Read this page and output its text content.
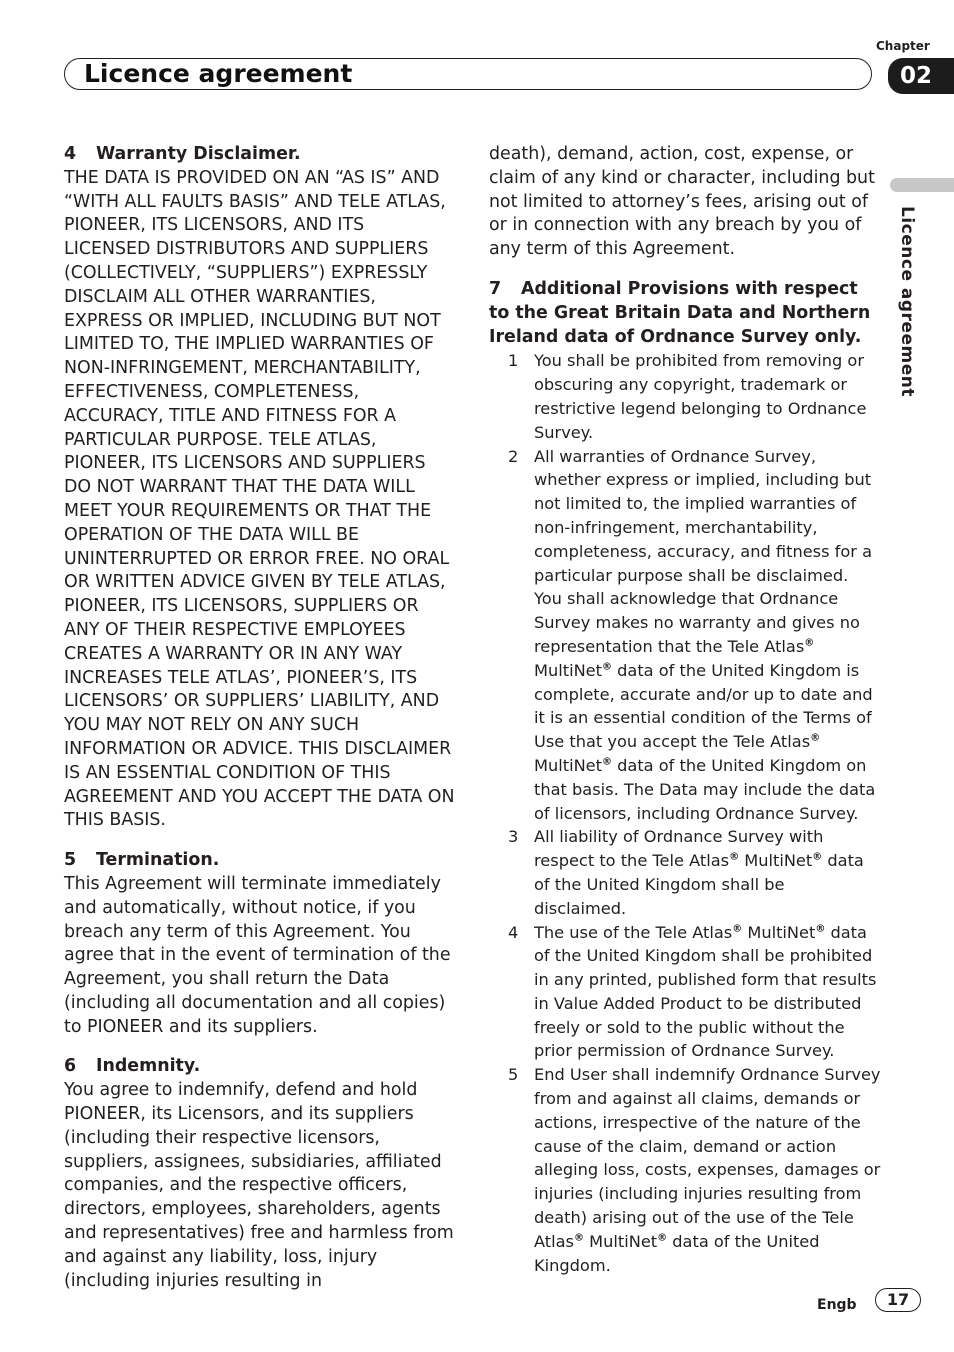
Licence agreement
Chapter
02
Licence agreement
4 Warranty Disclaimer.

THE DATA IS PROVIDED ON AN “AS IS” AND “WITH ALL FAULTS BASIS” AND TELE ATLAS, PIONEER, ITS LICENSORS, AND ITS LICENSED DISTRIBUTORS AND SUPPLIERS (COLLECTIVELY, “SUPPLIERS”) EXPRESSLY DISCLAIM ALL OTHER WARRANTIES, EXPRESS OR IMPLIED, INCLUDING BUT NOT LIMITED TO, THE IMPLIED WARRANTIES OF NON-INFRINGEMENT, MERCHANTABILITY, EFFECTIVENESS, COMPLETENESS, ACCURACY, TITLE AND FITNESS FOR A PARTICULAR PURPOSE. TELE ATLAS, PIONEER, ITS LICENSORS AND SUPPLIERS DO NOT WARRANT THAT THE DATA WILL MEET YOUR REQUIREMENTS OR THAT THE OPERATION OF THE DATA WILL BE UNINTERRUPTED OR ERROR FREE. NO ORAL OR WRITTEN ADVICE GIVEN BY TELE ATLAS, PIONEER, ITS LICENSORS, SUPPLIERS OR ANY OF THEIR RESPECTIVE EMPLOYEES CREATES A WARRANTY OR IN ANY WAY INCREASES TELE ATLAS’, PIONEER’S, ITS LICENSORS’ OR SUPPLIERS’ LIABILITY, AND YOU MAY NOT RELY ON ANY SUCH INFORMATION OR ADVICE. THIS DISCLAIMER IS AN ESSENTIAL CONDITION OF THIS AGREEMENT AND YOU ACCEPT THE DATA ON THIS BASIS.

5 Termination.

This Agreement will terminate immediately and automatically, without notice, if you breach any term of this Agreement. You agree that in the event of termination of the Agreement, you shall return the Data (including all documentation and all copies) to PIONEER and its suppliers.

6 Indemnity.

You agree to indemnify, defend and hold PIONEER, its Licensors, and its suppliers (including their respective licensors, suppliers, assignees, subsidiaries, affiliated companies, and the respective officers, directors, employees, shareholders, agents and representatives) free and harmless from and against any liability, loss, injury (including injuries resulting in

death), demand, action, cost, expense, or claim of any kind or character, including but not limited to attorney’s fees, arising out of or in connection with any breach by you of any term of this Agreement.

7 Additional Provisions with respect to the Great Britain Data and Northern Ireland data of Ordnance Survey only.
1 You shall be prohibited from removing or obscuring any copyright, trademark or restrictive legend belonging to Ordnance Survey.
2 All warranties of Ordnance Survey, whether express or implied, including but not limited to, the implied warranties of non-infringement, merchantability, completeness, accuracy, and fitness for a particular purpose shall be disclaimed. You shall acknowledge that Ordnance Survey makes no warranty and gives no representation that the Tele Atlas® MultiNet® data of the United Kingdom is complete, accurate and/or up to date and it is an essential condition of the Terms of Use that you accept the Tele Atlas® MultiNet® data of the United Kingdom on that basis. The Data may include the data of licensors, including Ordnance Survey.
3 All liability of Ordnance Survey with respect to the Tele Atlas® MultiNet® data of the United Kingdom shall be disclaimed.
4 The use of the Tele Atlas® MultiNet® data of the United Kingdom shall be prohibited in any printed, published form that results in Value Added Product to be distributed freely or sold to the public without the prior permission of Ordnance Survey.
5 End User shall indemnify Ordnance Survey from and against all claims, demands or actions, irrespective of the nature of the cause of the claim, demand or action alleging loss, costs, expenses, damages or injuries (including injuries resulting from death) arising out of the use of the Tele Atlas® MultiNet® data of the United Kingdom.
Engb	17
